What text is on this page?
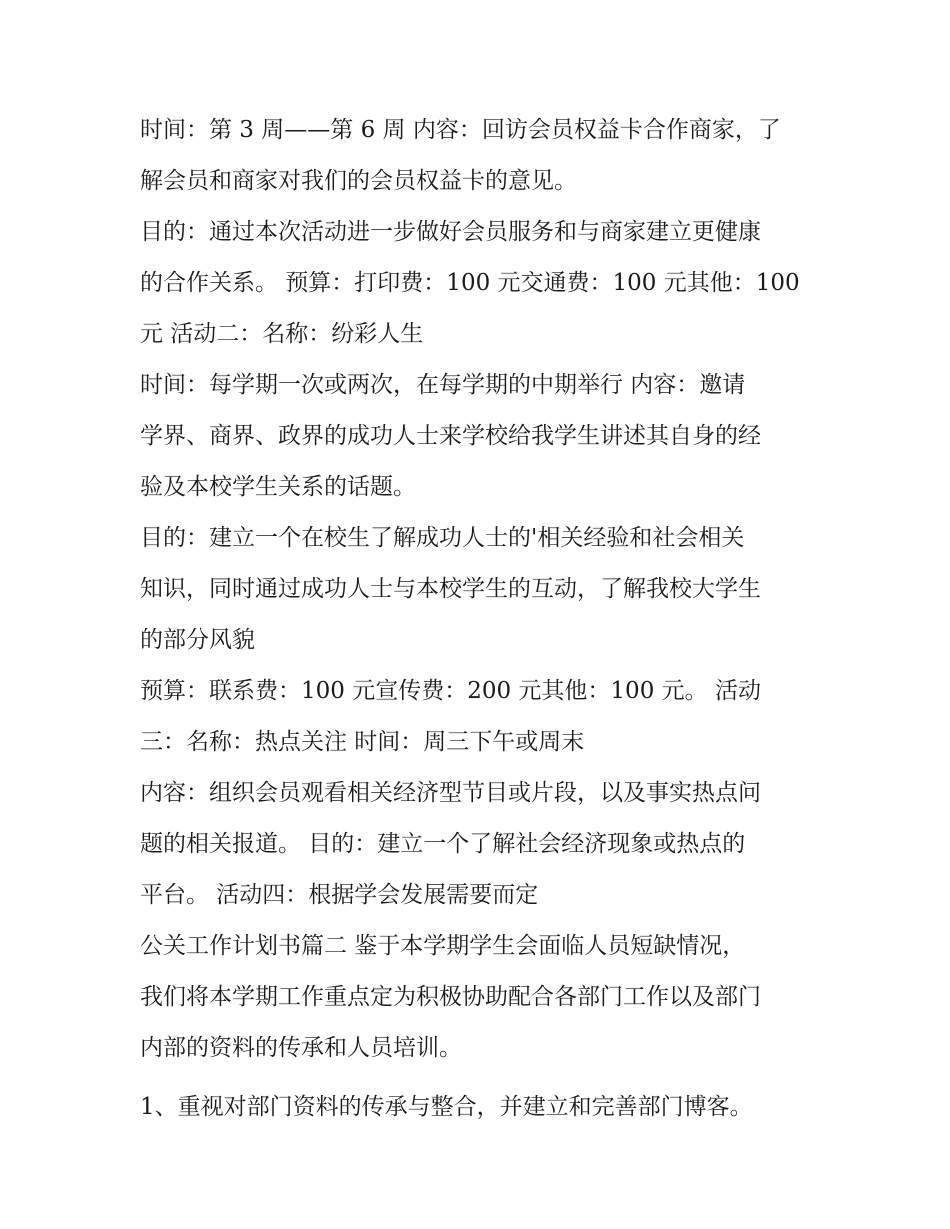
时间：第 3 周——第 6 周 内容：回访会员权益卡合作商家，了
解会员和商家对我们的会员权益卡的意见。
目的：通过本次活动进一步做好会员服务和与商家建立更健康
的合作关系。 预算：打印费：100 元交通费：100 元其他：100
元 活动二：名称：纷彩人生
时间：每学期一次或两次，在每学期的中期举行 内容：邀请
学界、商界、政界的成功人士来学校给我学生讲述其自身的经
验及本校学生关系的话题。
目的：建立一个在校生了解成功人士的'相关经验和社会相关
知识，同时通过成功人士与本校学生的互动，了解我校大学生
的部分风貌
预算：联系费：100 元宣传费：200 元其他：100 元。 活动
三：名称：热点关注 时间：周三下午或周末
内容：组织会员观看相关经济型节目或片段，以及事实热点问
题的相关报道。 目的：建立一个了解社会经济现象或热点的
平台。 活动四：根据学会发展需要而定
公关工作计划书篇二 鉴于本学期学生会面临人员短缺情况，
我们将本学期工作重点定为积极协助配合各部门工作以及部门
内部的资料的传承和人员培训。
1、重视对部门资料的传承与整合，并建立和完善部门博客。
